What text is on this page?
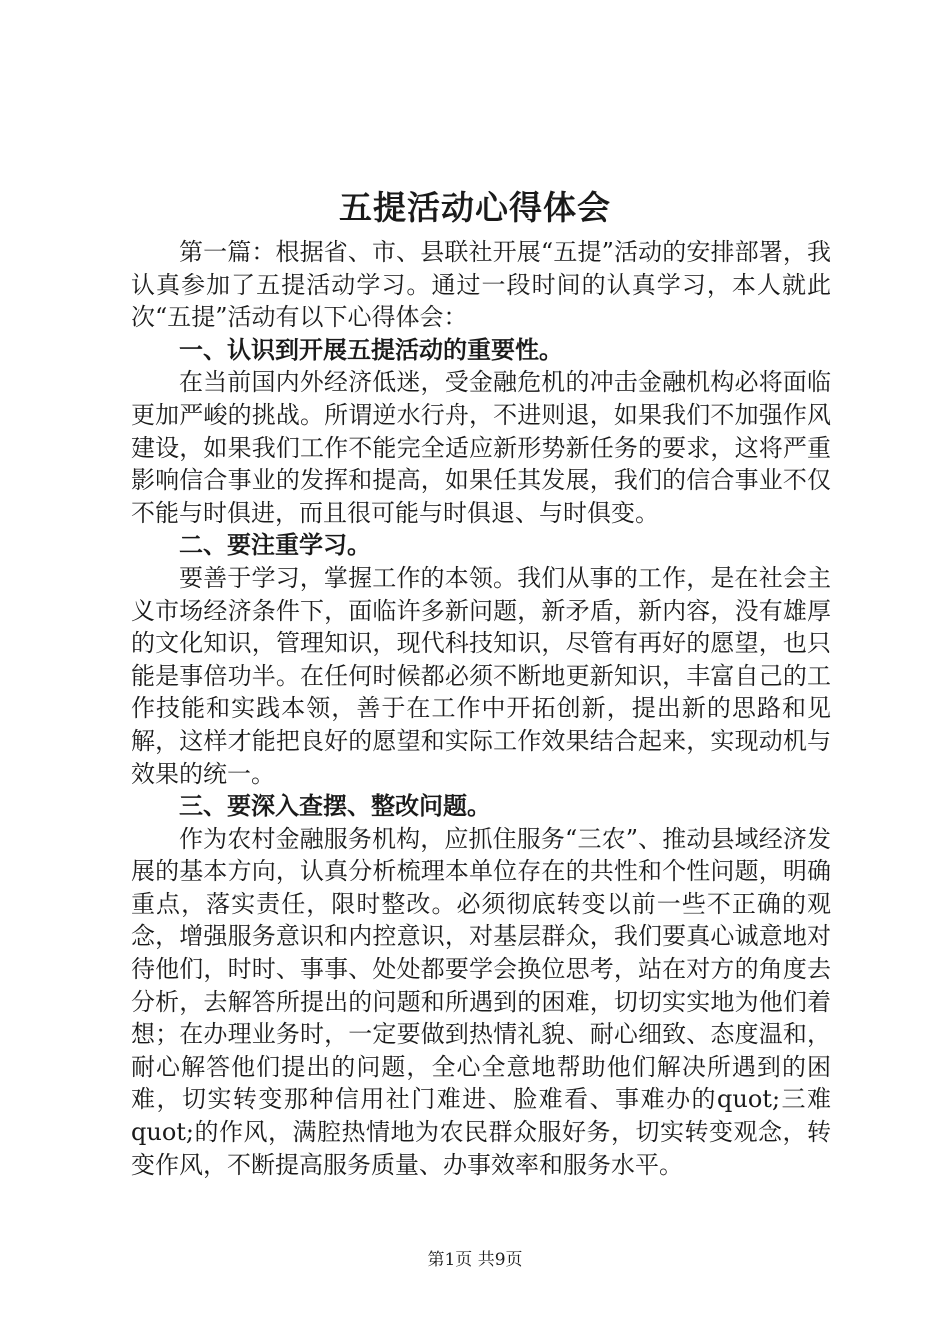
五提活动心得体会

第一篇：根据省、市、县联社开展“五提”活动的安排部署，我认真参加了五提活动学习。通过一段时间的认真学习，本人就此次“五提”活动有以下心得体会：

一、认识到开展五提活动的重要性。

在当前国内外经济低迷，受金融危机的冲击金融机构必将面临更加严峻的挑战。所谓逆水行舟，不进则退，如果我们不加强作风建设，如果我们工作不能完全适应新形势新任务的要求，这将严重影响信合事业的发挥和提高，如果任其发展，我们的信合事业不仅不能与时俱进，而且很可能与时俱退、与时俱变。

二、要注重学习。

要善于学习，掌握工作的本领。我们从事的工作，是在社会主义市场经济条件下，面临许多新问题，新矛盾，新内容，没有雄厚的文化知识，管理知识，现代科技知识，尽管有再好的愿望，也只能是事倍功半。在任何时候都必须不断地更新知识，丰富自己的工作技能和实践本领，善于在工作中开拓创新，提出新的思路和见解，这样才能把良好的愿望和实际工作效果结合起来，实现动机与效果的统一。

三、要深入查摆、整改问题。

作为农村金融服务机构，应抓住服务“三农”、推动县域经济发展的基本方向，认真分析梳理本单位存在的共性和个性问题，明确重点，落实责任，限时整改。必须彻底转变以前一些不正确的观念，增强服务意识和内控意识，对基层群众，我们要真心诚意地对待他们，时时、事事、处处都要学会换位思考，站在对方的角度去分析，去解答所提出的问题和所遇到的困难，切切实实地为他们着想；在办理业务时，一定要做到热情礼貌、耐心细致、态度温和，耐心解答他们提出的问题，全心全意地帮助他们解决所遇到的困难，切实转变那种信用社门难进、脸难看、事难办的quot;三难quot;的作风，满腔热情地为农民群众服好务，切实转变观念，转变作风，不断提高服务质量、办事效率和服务水平。

第1页 共9页
